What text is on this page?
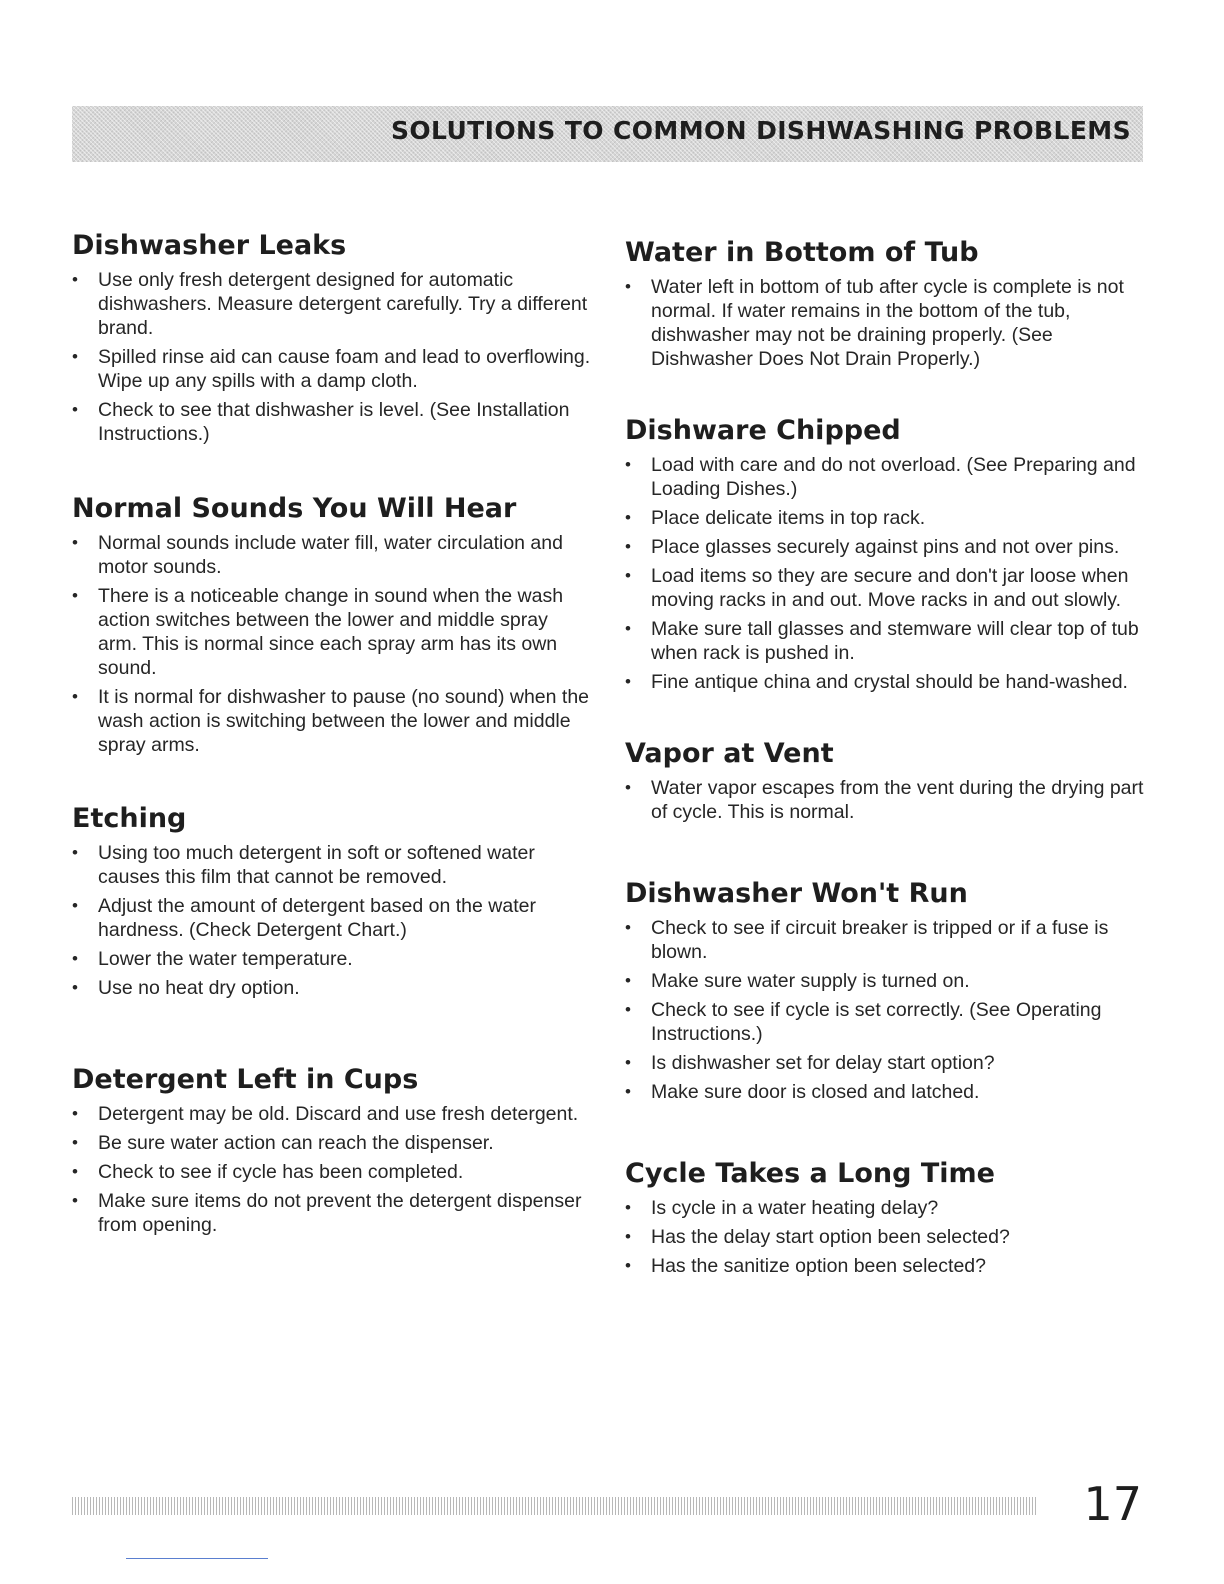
SOLUTIONS TO COMMON DISHWASHING PROBLEMS
Dishwasher Leaks
• Use only fresh detergent designed for automatic dishwashers. Measure detergent carefully. Try a different brand.
• Spilled rinse aid can cause foam and lead to overflowing. Wipe up any spills with a damp cloth.
• Check to see that dishwasher is level. (See Installation Instructions.)
Normal Sounds You Will Hear
• Normal sounds include water fill, water circulation and motor sounds.
• There is a noticeable change in sound when the wash action switches between the lower and middle spray arm. This is normal since each spray arm has its own sound.
• It is normal for dishwasher to pause (no sound) when the wash action is switching between the lower and middle spray arms.
Etching
• Using too much detergent in soft or softened water causes this film that cannot be removed.
• Adjust the amount of detergent based on the water hardness. (Check Detergent Chart.)
• Lower the water temperature.
• Use no heat dry option.
Detergent Left in Cups
• Detergent may be old. Discard and use fresh detergent.
• Be sure water action can reach the dispenser.
• Check to see if cycle has been completed.
• Make sure items do not prevent the detergent dispenser from opening.
Water in Bottom of Tub
• Water left in bottom of tub after cycle is complete is not normal. If water remains in the bottom of the tub, dishwasher may not be draining properly. (See Dishwasher Does Not Drain Properly.)
Dishware Chipped
• Load with care and do not overload. (See Preparing and Loading Dishes.)
• Place delicate items in top rack.
• Place glasses securely against pins and not over pins.
• Load items so they are secure and don't jar loose when moving racks in and out. Move racks in and out slowly.
• Make sure tall glasses and stemware will clear top of tub when rack is pushed in.
• Fine antique china and crystal should be hand-washed.
Vapor at Vent
• Water vapor escapes from the vent during the drying part of cycle. This is normal.
Dishwasher Won't Run
• Check to see if circuit breaker is tripped or if a fuse is blown.
• Make sure water supply is turned on.
• Check to see if cycle is set correctly. (See Operating Instructions.)
• Is dishwasher set for delay start option?
• Make sure door is closed and latched.
Cycle Takes a Long Time
• Is cycle in a water heating delay?
• Has the delay start option been selected?
• Has the sanitize option been selected?
17
